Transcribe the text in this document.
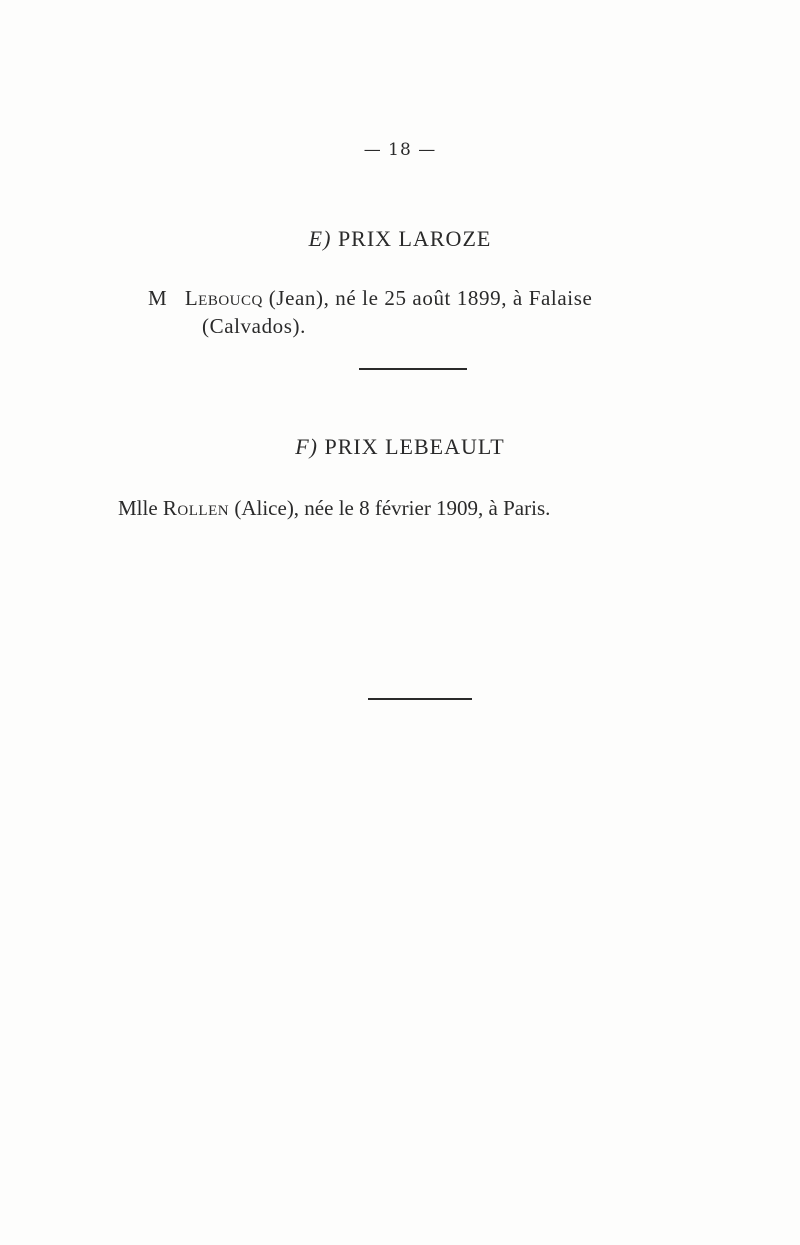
— 18 —
E) PRIX LAROZE
M Leboucq (Jean), né le 25 août 1899, à Falaise
(Calvados).
F) PRIX LEBEAULT
Mlle Rollen (Alice), née le 8 février 1909, à Paris.
